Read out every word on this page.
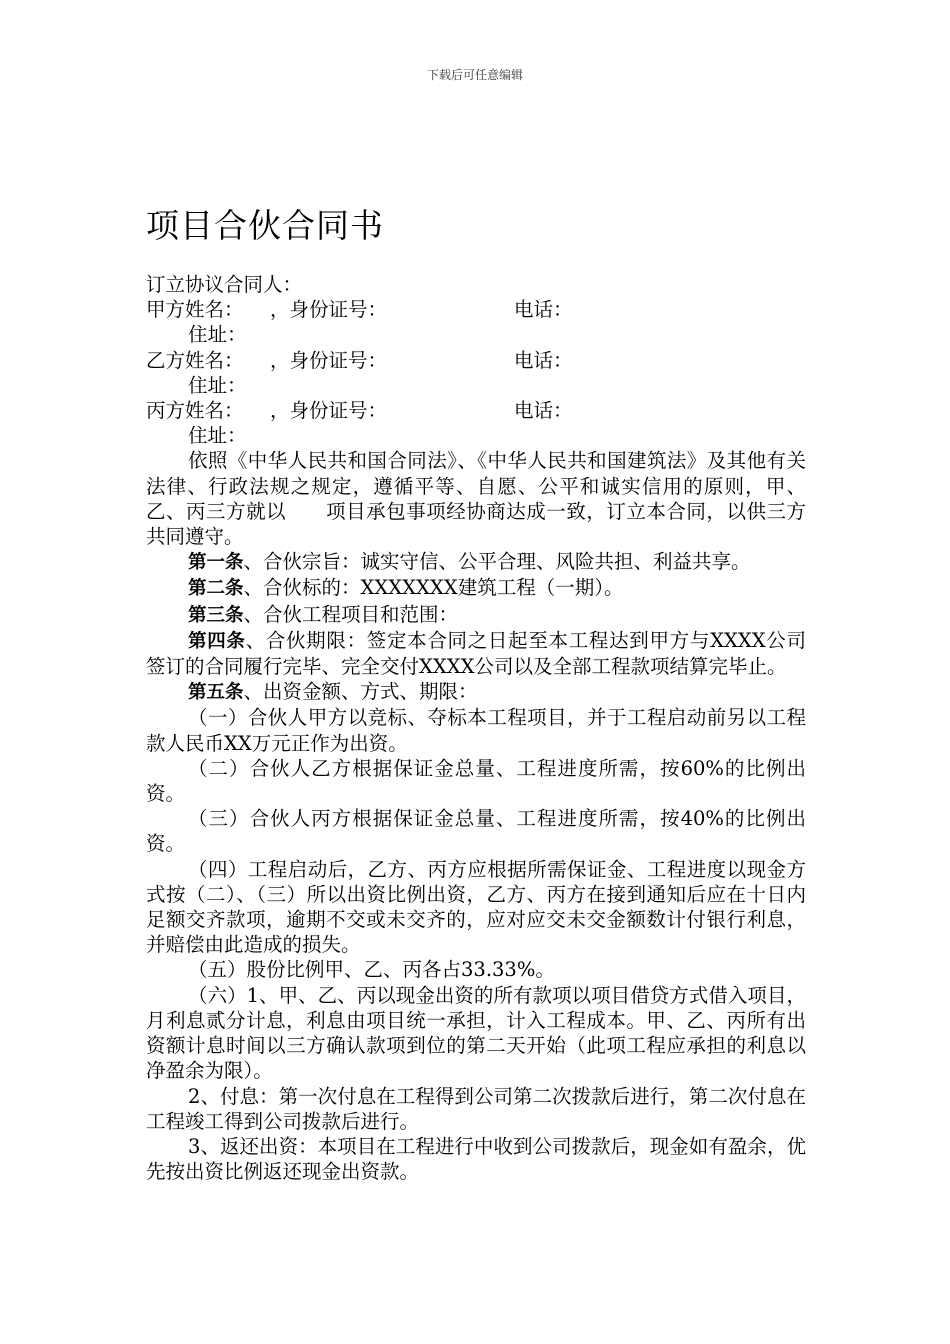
下载后可任意编辑
项目合伙合同书

订立协议合同人：

甲方姓名：	，身份证号：	电话：

住址：

乙方姓名：	，身份证号：	电话：

住址：

丙方姓名：	，身份证号：	电话：

住址：

依照《中华人民共和国合同法》、《中华人民共和国建筑法》及其他有关法律、行政法规之规定，遵循平等、自愿、公平和诚实信用的原则，甲、乙、丙三方就以　　项目承包事项经协商达成一致，订立本合同，以供三方共同遵守。

第一条、合伙宗旨：诚实守信、公平合理、风险共担、利益共享。

第二条、合伙标的：XXXXXXX建筑工程（一期）。

第三条、合伙工程项目和范围：

第四条、合伙期限：签定本合同之日起至本工程达到甲方与XXXX公司签订的合同履行完毕、完全交付XXXX公司以及全部工程款项结算完毕止。

第五条、出资金额、方式、期限：

（一）合伙人甲方以竞标、夺标本工程项目，并于工程启动前另以工程款人民币XX万元正作为出资。

（二）合伙人乙方根据保证金总量、工程进度所需，按60%的比例出资。

（三）合伙人丙方根据保证金总量、工程进度所需，按40%的比例出资。

（四）工程启动后，乙方、丙方应根据所需保证金、工程进度以现金方式按（二）、（三）所以出资比例出资，乙方、丙方在接到通知后应在十日内足额交齐款项，逾期不交或未交齐的，应对应交未交金额数计付银行利息，并赔偿由此造成的损失。

（五）股份比例甲、乙、丙各占33.33%。

（六）1、甲、乙、丙以现金出资的所有款项以项目借贷方式借入项目，月利息贰分计息，利息由项目统一承担，计入工程成本。甲、乙、丙所有出资额计息时间以三方确认款项到位的第二天开始（此项工程应承担的利息以净盈余为限）。

2、付息：第一次付息在工程得到公司第二次拨款后进行，第二次付息在工程竣工得到公司拨款后进行。

3、返还出资：本项目在工程进行中收到公司拨款后，现金如有盈余，优先按出资比例返还现金出资款。
